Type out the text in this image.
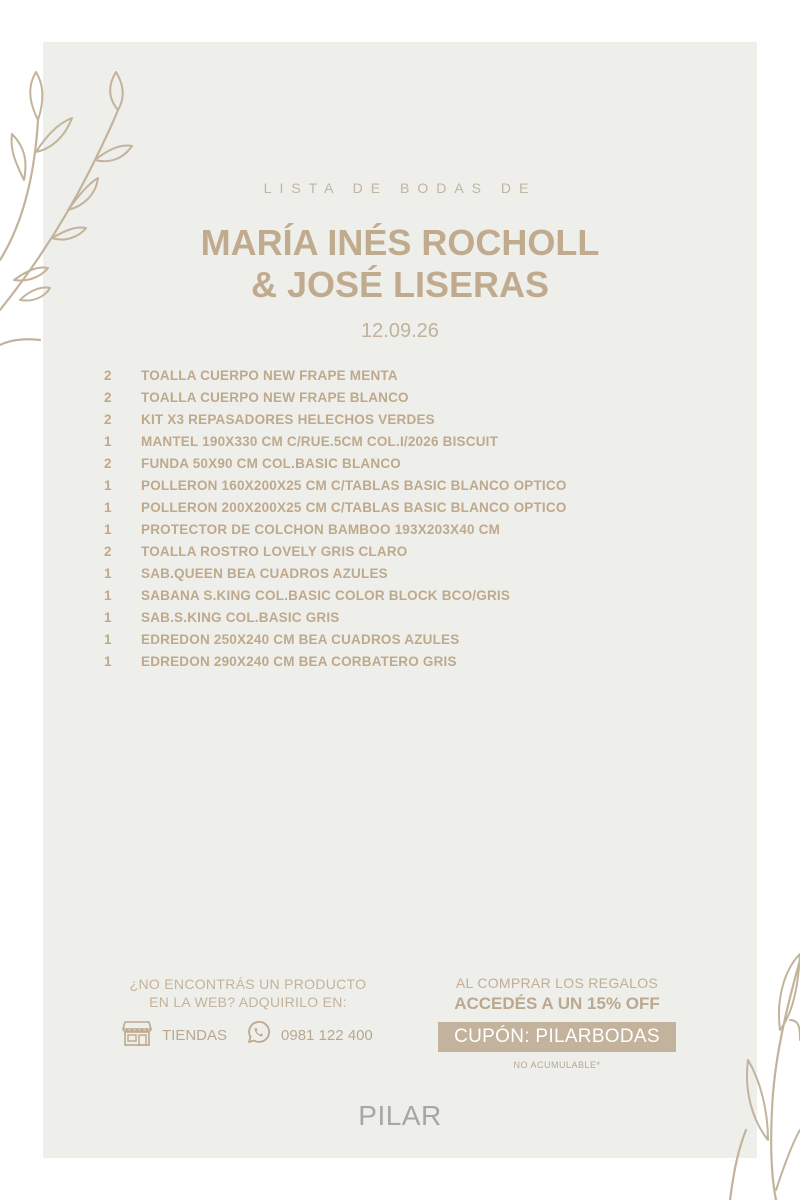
LISTA DE BODAS DE
MARÍA INÉS ROCHOLL
& JOSÉ LISERAS
12.09.26
2	TOALLA CUERPO NEW FRAPE MENTA
2	TOALLA CUERPO NEW FRAPE BLANCO
2	KIT X3 REPASADORES HELECHOS VERDES
1	MANTEL 190X330 CM C/RUE.5CM COL.I/2026 BISCUIT
2	FUNDA 50X90 CM COL.BASIC BLANCO
1	POLLERON 160X200X25 CM C/TABLAS BASIC BLANCO OPTICO
1	POLLERON 200X200X25 CM C/TABLAS BASIC BLANCO OPTICO
1	PROTECTOR DE COLCHON BAMBOO 193X203X40 CM
2	TOALLA ROSTRO LOVELY GRIS CLARO
1	SAB.QUEEN BEA CUADROS AZULES
1	SABANA S.KING COL.BASIC COLOR BLOCK BCO/GRIS
1	SAB.S.KING COL.BASIC GRIS
1	EDREDON 250X240 CM BEA CUADROS AZULES
1	EDREDON 290X240 CM BEA CORBATERO GRIS
¿NO ENCONTRÁS UN PRODUCTO
EN LA WEB? ADQUIRILO EN:
TIENDAS	0981 122 400
AL COMPRAR LOS REGALOS
ACCEDÉS A UN 15% OFF
CUPÓN: PILARBODAS
NO ACUMULABLE*
PILAR
